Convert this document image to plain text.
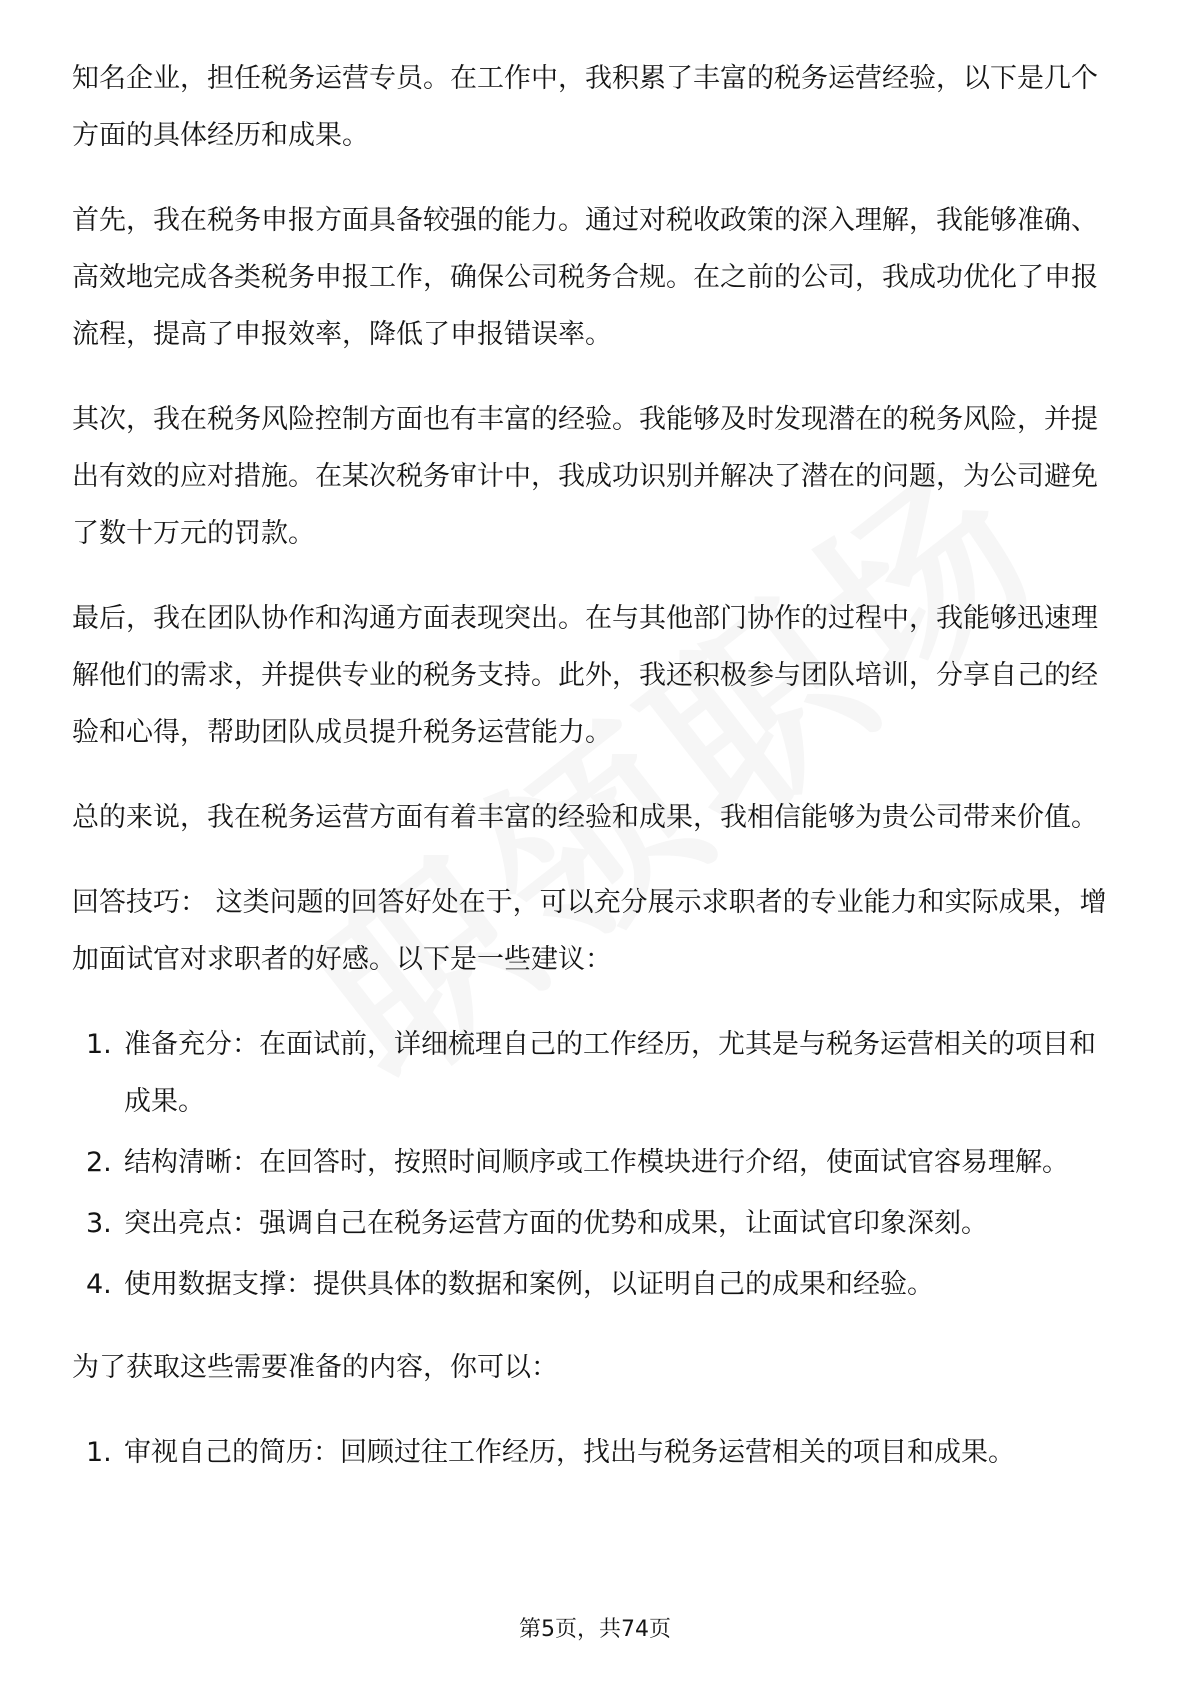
知名企业，担任税务运营专员。在工作中，我积累了丰富的税务运营经验，以下是几个方面的具体经历和成果。

首先，我在税务申报方面具备较强的能力。通过对税收政策的深入理解，我能够准确、高效地完成各类税务申报工作，确保公司税务合规。在之前的公司，我成功优化了申报流程，提高了申报效率，降低了申报错误率。

其次，我在税务风险控制方面也有丰富的经验。我能够及时发现潜在的税务风险，并提出有效的应对措施。在某次税务审计中，我成功识别并解决了潜在的问题，为公司避免了数十万元的罚款。

最后，我在团队协作和沟通方面表现突出。在与其他部门协作的过程中，我能够迅速理解他们的需求，并提供专业的税务支持。此外，我还积极参与团队培训，分享自己的经验和心得，帮助团队成员提升税务运营能力。

总的来说，我在税务运营方面有着丰富的经验和成果，我相信能够为贵公司带来价值。

回答技巧： 这类问题的回答好处在于，可以充分展示求职者的专业能力和实际成果，增加面试官对求职者的好感。以下是一些建议：

1. 准备充分：在面试前，详细梳理自己的工作经历，尤其是与税务运营相关的项目和成果。
2. 结构清晰：在回答时，按照时间顺序或工作模块进行介绍，使面试官容易理解。
3. 突出亮点：强调自己在税务运营方面的优势和成果，让面试官印象深刻。
4. 使用数据支撑：提供具体的数据和案例，以证明自己的成果和经验。

为了获取这些需要准备的内容，你可以：

1. 审视自己的简历：回顾过往工作经历，找出与税务运营相关的项目和成果。
第5页，共74页
